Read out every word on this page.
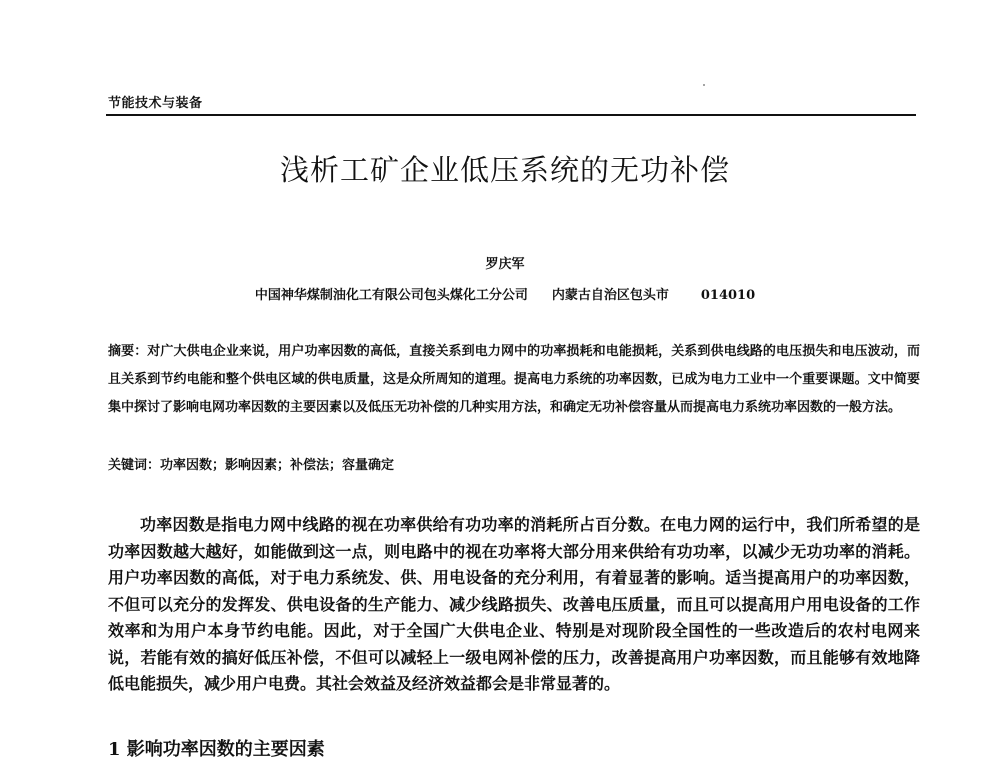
节能技术与装备
浅析工矿企业低压系统的无功补偿
罗庆军
中国神华煤制油化工有限公司包头煤化工分公司 内蒙古自治区包头市 014010
摘要：对广大供电企业来说，用户功率因数的高低，直接关系到电力网中的功率损耗和电能损耗，关系到供电线路的电压损失和电压波动，而且关系到节约电能和整个供电区域的供电质量，这是众所周知的道理。提高电力系统的功率因数，已成为电力工业中一个重要课题。文中简要集中探讨了影响电网功率因数的主要因素以及低压无功补偿的几种实用方法，和确定无功补偿容量从而提高电力系统功率因数的一般方法。
关键词：功率因数；影响因素；补偿法；容量确定
功率因数是指电力网中线路的视在功率供给有功功率的消耗所占百分数。在电力网的运行中，我们所希望的是功率因数越大越好，如能做到这一点，则电路中的视在功率将大部分用来供给有功功率，以减少无功功率的消耗。用户功率因数的高低，对于电力系统发、供、用电设备的充分利用，有着显著的影响。适当提高用户的功率因数，不但可以充分的发挥发、供电设备的生产能力、减少线路损失、改善电压质量，而且可以提高用户用电设备的工作效率和为用户本身节约电能。因此，对于全国广大供电企业、特别是对现阶段全国性的一些改造后的农村电网来说，若能有效的搞好低压补偿，不但可以减轻上一级电网补偿的压力，改善提高用户功率因数，而且能够有效地降低电能损失，减少用户电费。其社会效益及经济效益都会是非常显著的。
1 影响功率因数的主要因素
